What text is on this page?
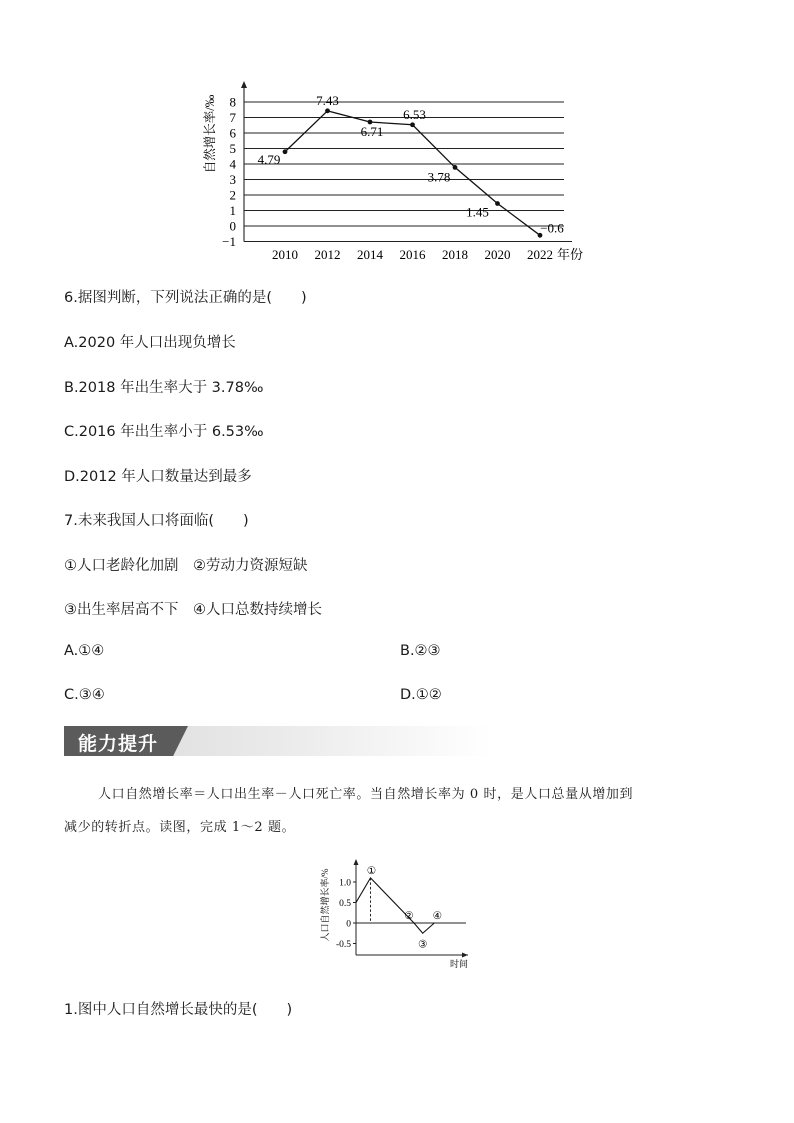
8
7
6
5
4
3
2
1
0
−1
2010 2012 2014 2016 2018 2020 2022
4.79
7.43
6.71
6.53
3.78
1.45
−0.6
自然增长率/‰
年份
6.据图判断，下列说法正确的是(　　)
A.2020 年人口出现负增长
B.2018 年出生率大于 3.78‰
C.2016 年出生率小于 6.53‰
D.2012 年人口数量达到最多
7.未来我国人口将面临(　　)
①人口老龄化加剧　②劳动力资源短缺
③出生率居高不下　④人口总数持续增长
A.①④	B.②③
C.③④	D.①②
能力提升
人口自然增长率＝人口出生率－人口死亡率。当自然增长率为 0 时，是人口总量从增加到
减少的转折点。读图，完成 1～2 题。
1.0
0.5
0
-0.5
①
②
③
④
人口自然增长率/%
时间
1.图中人口自然增长最快的是(　　)
